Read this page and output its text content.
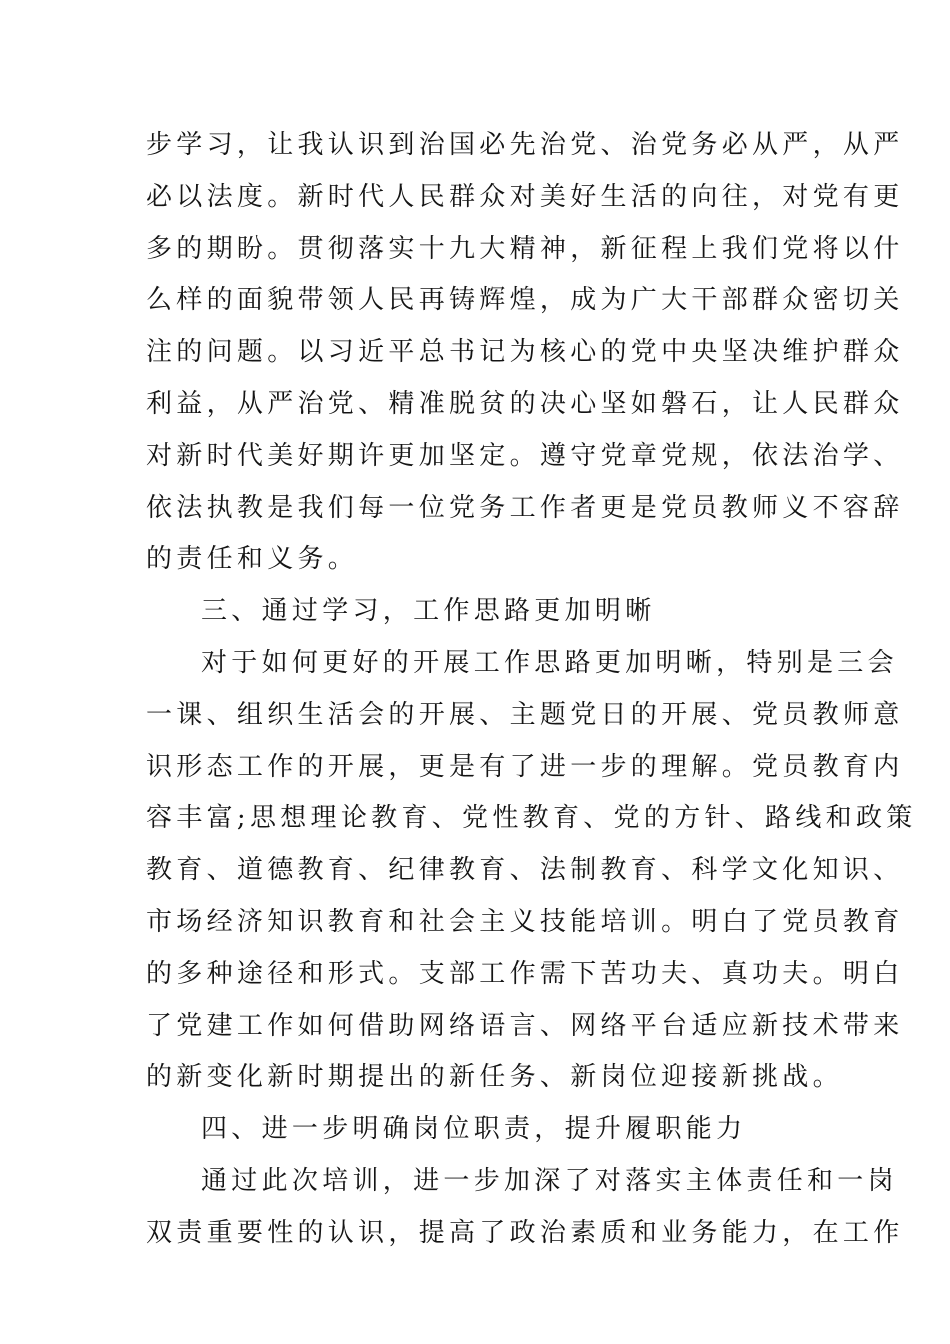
步学习，让我认识到治国必先治党、治党务必从严，从严
必以法度。新时代人民群众对美好生活的向往，对党有更
多的期盼。贯彻落实十九大精神，新征程上我们党将以什
么样的面貌带领人民再铸辉煌，成为广大干部群众密切关
注的问题。以习近平总书记为核心的党中央坚决维护群众
利益，从严治党、精准脱贫的决心坚如磐石，让人民群众
对新时代美好期许更加坚定。遵守党章党规，依法治学、
依法执教是我们每一位党务工作者更是党员教师义不容辞
的责任和义务。
三、通过学习，工作思路更加明晰
对于如何更好的开展工作思路更加明晰，特别是三会
一课、组织生活会的开展、主题党日的开展、党员教师意
识形态工作的开展，更是有了进一步的理解。党员教育内
容丰富;思想理论教育、党性教育、党的方针、路线和政策
教育、道德教育、纪律教育、法制教育、科学文化知识、
市场经济知识教育和社会主义技能培训。明白了党员教育
的多种途径和形式。支部工作需下苦功夫、真功夫。明白
了党建工作如何借助网络语言、网络平台适应新技术带来
的新变化新时期提出的新任务、新岗位迎接新挑战。
四、进一步明确岗位职责，提升履职能力
通过此次培训，进一步加深了对落实主体责任和一岗
双责重要性的认识，提高了政治素质和业务能力，在工作
